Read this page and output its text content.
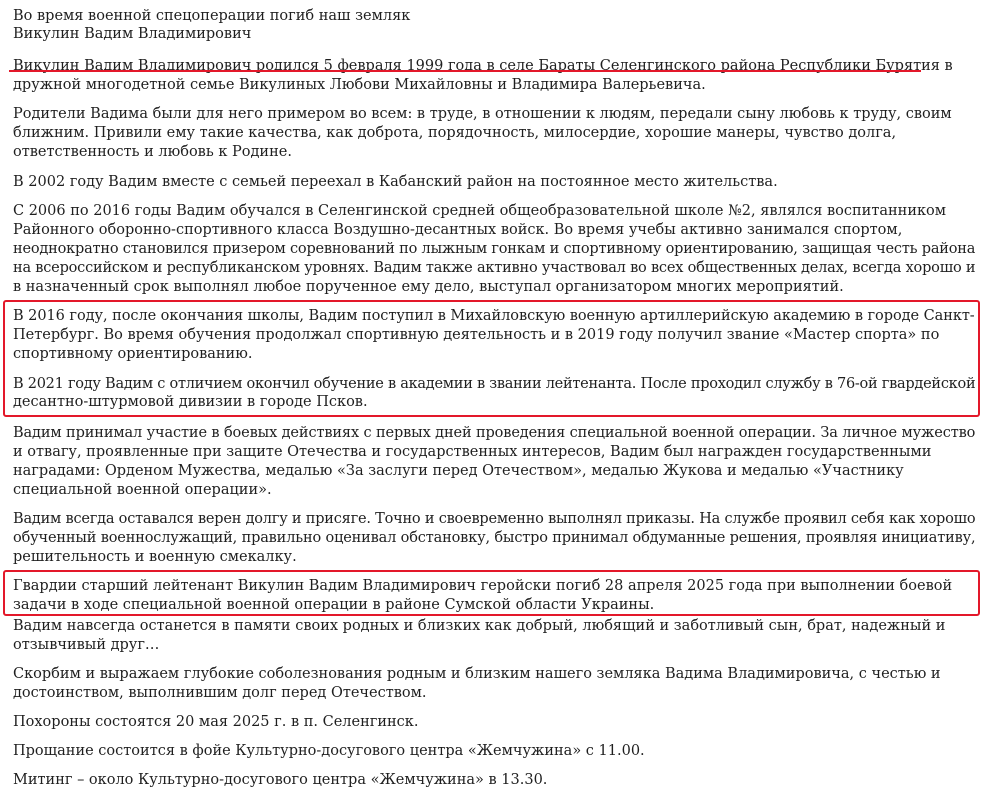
Во время военной спецоперации погиб наш земляк
Викулин Вадим Владимирович
Викулин Вадим Владимирович родился 5 февраля 1999 года в селе Бараты Селенгинского района Республики Бурятия в
дружной многодетной семье Викулиных Любови Михайловны и Владимира Валерьевича.
Родители Вадима были для него примером во всем: в труде, в отношении к людям, передали сыну любовь к труду, своим
ближним. Привили ему такие качества, как доброта, порядочность, милосердие, хорошие манеры, чувство долга,
ответственность и любовь к Родине.
В 2002 году Вадим вместе с семьей переехал в Кабанский район на постоянное место жительства.
С 2006 по 2016 годы Вадим обучался в Селенгинской средней общеобразовательной школе №2, являлся воспитанником
Районного оборонно-спортивного класса Воздушно-десантных войск. Во время учебы активно занимался спортом,
неоднократно становился призером соревнований по лыжным гонкам и спортивному ориентированию, защищая честь района
на всероссийском и республиканском уровнях. Вадим также активно участвовал во всех общественных делах, всегда хорошо и
в назначенный срок выполнял любое порученное ему дело, выступал организатором многих мероприятий.
В 2016 году, после окончания школы, Вадим поступил в Михайловскую военную артиллерийскую академию в городе Санкт-
Петербург. Во время обучения продолжал спортивную деятельность и в 2019 году получил звание «Мастер спорта» по
спортивному ориентированию.
В 2021 году Вадим с отличием окончил обучение в академии в звании лейтенанта. После проходил службу в 76-ой гвардейской
десантно-штурмовой дивизии в городе Псков.
Вадим принимал участие в боевых действиях с первых дней проведения специальной военной операции. За личное мужество
и отвагу, проявленные при защите Отечества и государственных интересов, Вадим был награжден государственными
наградами: Орденом Мужества, медалью «За заслуги перед Отечеством», медалью Жукова и медалью «Участнику
специальной военной операции».
Вадим всегда оставался верен долгу и присяге. Точно и своевременно выполнял приказы. На службе проявил себя как хорошо
обученный военнослужащий, правильно оценивал обстановку, быстро принимал обдуманные решения, проявляя инициативу,
решительность и военную смекалку.
Гвардии старший лейтенант Викулин Вадим Владимирович геройски погиб 28 апреля 2025 года при выполнении боевой
задачи в ходе специальной военной операции в районе Сумской области Украины.
Вадим навсегда останется в памяти своих родных и близких как добрый, любящий и заботливый сын, брат, надежный и
отзывчивый друг…
Скорбим и выражаем глубокие соболезнования родным и близким нашего земляка Вадима Владимировича, с честью и
достоинством, выполнившим долг перед Отечеством.
Похороны состоятся 20 мая 2025 г. в п. Селенгинск.
Прощание состоится в фойе Культурно-досугового центра «Жемчужина» с 11.00.
Митинг – около Культурно-досугового центра «Жемчужина» в 13.30.
